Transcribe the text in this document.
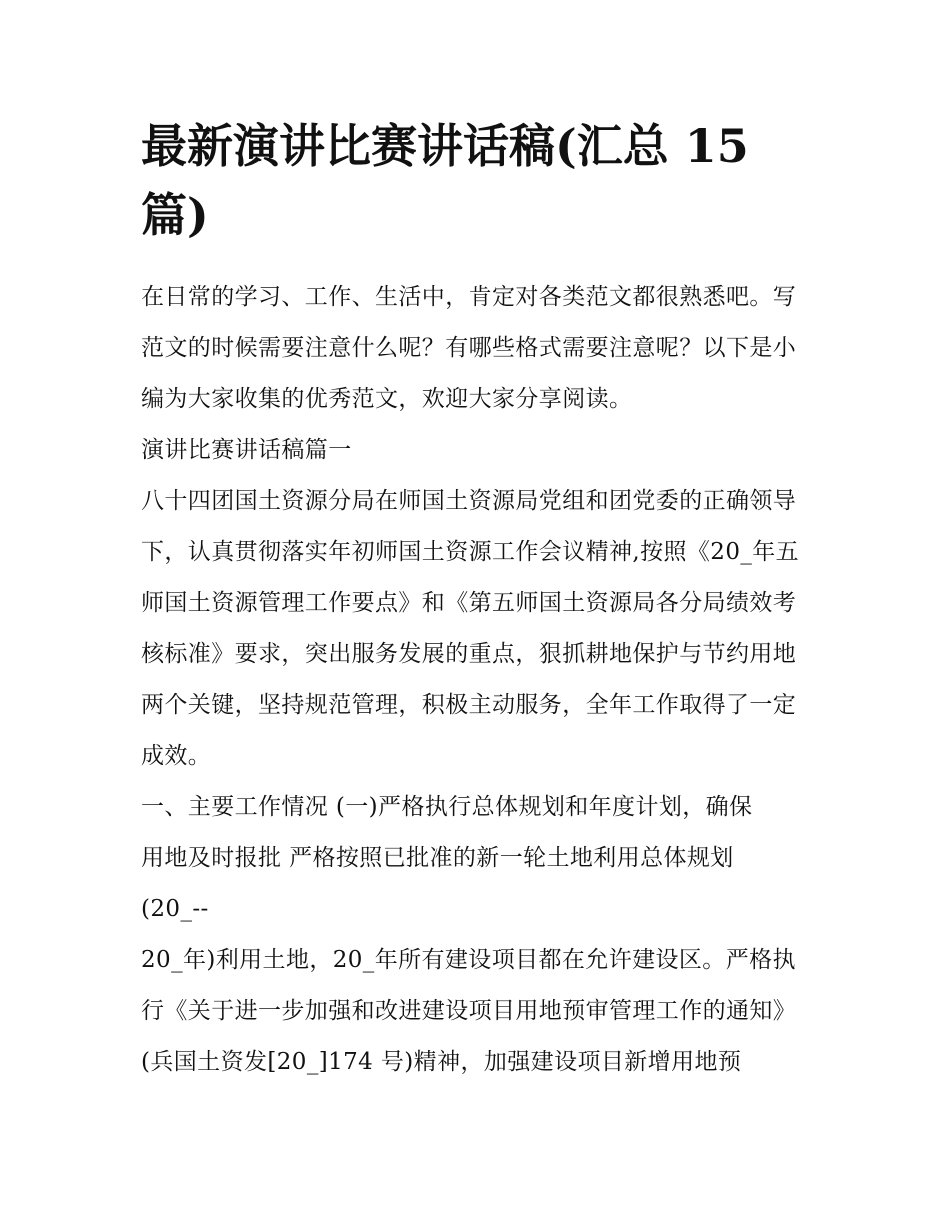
最新演讲比赛讲话稿(汇总 15 篇)

在日常的学习、工作、生活中，肯定对各类范文都很熟悉吧。写范文的时候需要注意什么呢？有哪些格式需要注意呢？以下是小编为大家收集的优秀范文，欢迎大家分享阅读。

演讲比赛讲话稿篇一

八十四团国土资源分局在师国土资源局党组和团党委的正确领导下，认真贯彻落实年初师国土资源工作会议精神,按照《20_年五师国土资源管理工作要点》和《第五师国土资源局各分局绩效考核标准》要求，突出服务发展的重点，狠抓耕地保护与节约用地两个关键，坚持规范管理，积极主动服务，全年工作取得了一定成效。

一、主要工作情况 (一)严格执行总体规划和年度计划，确保
用地及时报批 严格按照已批准的新一轮土地利用总体规划
(20_--

20_年)利用土地，20_年所有建设项目都在允许建设区。严格执行《关于进一步加强和改进建设项目用地预审管理工作的通知》(兵国土资发[20_]174 号)精神，加强建设项目新增用地预
